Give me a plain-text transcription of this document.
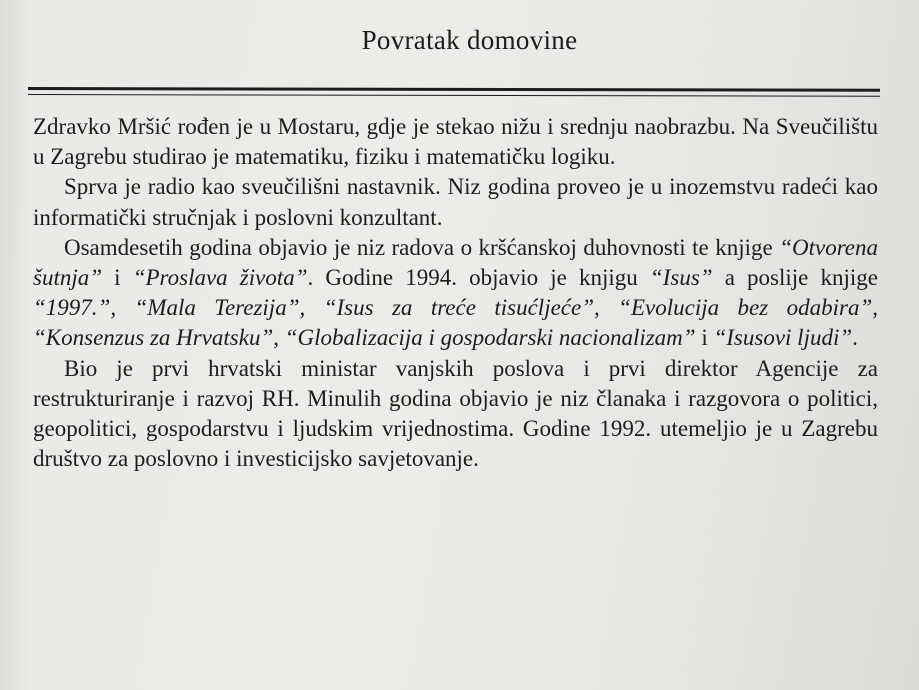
Povratak domovine

Zdravko Mršić rođen je u Mostaru, gdje je stekao nižu i srednju naobrazbu. Na Sveučilištu u Zagrebu studirao je matematiku, fiziku i matematičku logiku.

Sprva je radio kao sveučilišni nastavnik. Niz godina proveo je u inozemstvu radeći kao informatički stručnjak i poslovni konzultant.

Osamdesetih godina objavio je niz radova o kršćanskoj duhovnosti te knjige “Otvorena šutnja” i “Proslava života”. Godine 1994. objavio je knjigu “Isus” a poslije knjige “1997.”, “Mala Terezija”, “Isus za treće tisućljeće”, “Evolucija bez odabira”, “Konsenzus za Hrvatsku”, “Globalizacija i gospodarski nacionalizam” i “Isusovi ljudi”.

Bio je prvi hrvatski ministar vanjskih poslova i prvi direktor Agencije za restrukturiranje i razvoj RH. Minulih godina objavio je niz članaka i razgovora o politici, geopolitici, gospodarstvu i ljudskim vrijednostima. Godine 1992. utemeljio je u Zagrebu društvo za poslovno i investicijsko savjetovanje.
